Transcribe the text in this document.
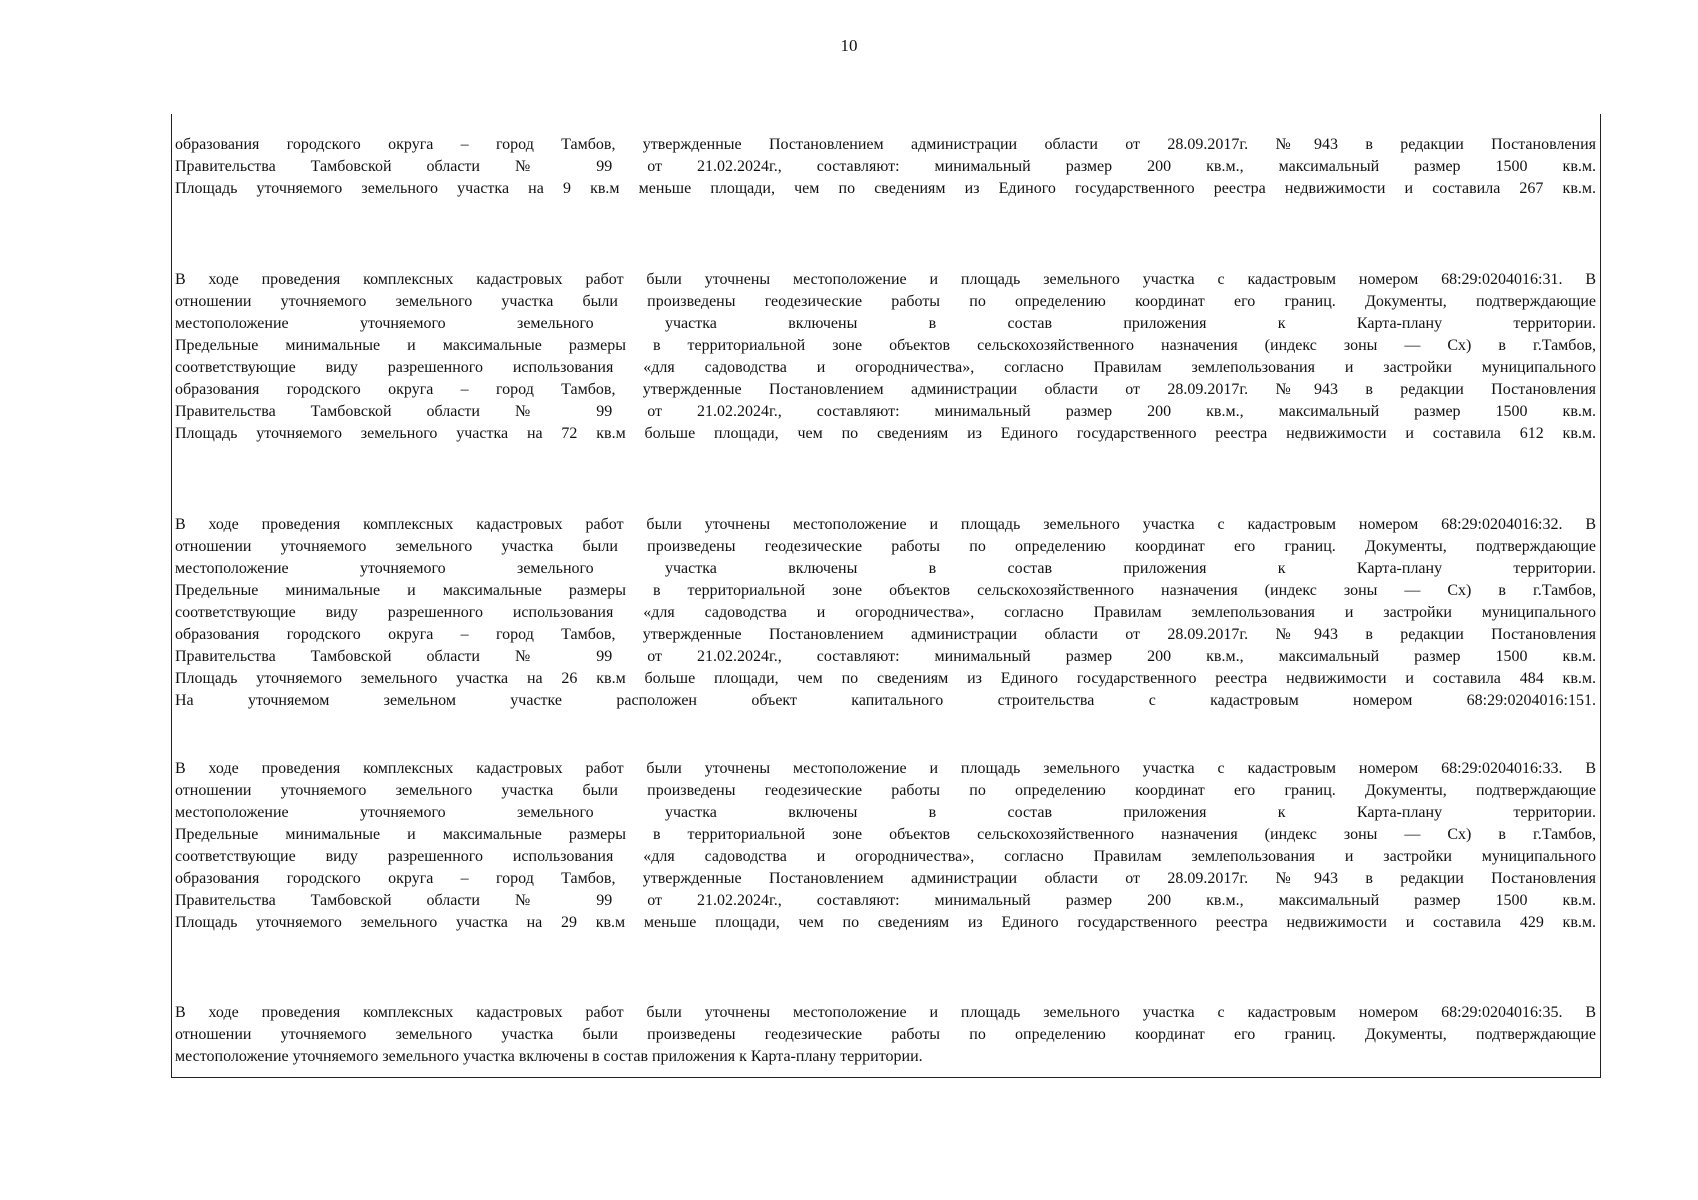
10
образования городского округа – город Тамбов, утвержденные Постановлением администрации области от 28.09.2017г. №943 в редакции Постановления
Правительства Тамбовской области № 99 от 21.02.2024г., составляют: минимальный размер 200 кв.м., максимальный размер 1500 кв.м.
Площадь уточняемого земельного участка на 9 кв.м меньше площади, чем по сведениям из Единого государственного реестра недвижимости и составила 267 кв.м.
В ходе проведения комплексных кадастровых работ были уточнены местоположение и площадь земельного участка с кадастровым номером 68:29:0204016:31. В
отношении уточняемого земельного участка были произведены геодезические работы по определению координат его границ. Документы, подтверждающие
местоположение уточняемого земельного участка включены в состав приложения к Карта-плану территории.
Предельные минимальные и максимальные размеры в территориальной зоне объектов сельскохозяйственного назначения (индекс зоны — Сх) в г.Тамбов,
соответствующие виду разрешенного использования «для садоводства и огородничества», согласно Правилам землепользования и застройки муниципального
образования городского округа – город Тамбов, утвержденные Постановлением администрации области от 28.09.2017г. №943 в редакции Постановления
Правительства Тамбовской области № 99 от 21.02.2024г., составляют: минимальный размер 200 кв.м., максимальный размер 1500 кв.м.
Площадь уточняемого земельного участка на 72 кв.м больше площади, чем по сведениям из Единого государственного реестра недвижимости и составила 612 кв.м.
В ходе проведения комплексных кадастровых работ были уточнены местоположение и площадь земельного участка с кадастровым номером 68:29:0204016:32. В
отношении уточняемого земельного участка были произведены геодезические работы по определению координат его границ. Документы, подтверждающие
местоположение уточняемого земельного участка включены в состав приложения к Карта-плану территории.
Предельные минимальные и максимальные размеры в территориальной зоне объектов сельскохозяйственного назначения (индекс зоны — Сх) в г.Тамбов,
соответствующие виду разрешенного использования «для садоводства и огородничества», согласно Правилам землепользования и застройки муниципального
образования городского округа – город Тамбов, утвержденные Постановлением администрации области от 28.09.2017г. №943 в редакции Постановления
Правительства Тамбовской области № 99 от 21.02.2024г., составляют: минимальный размер 200 кв.м., максимальный размер 1500 кв.м.
Площадь уточняемого земельного участка на 26 кв.м больше площади, чем по сведениям из Единого государственного реестра недвижимости и составила 484 кв.м.
На уточняемом земельном участке расположен объект капитального строительства с кадастровым номером 68:29:0204016:151.
В ходе проведения комплексных кадастровых работ были уточнены местоположение и площадь земельного участка с кадастровым номером 68:29:0204016:33. В
отношении уточняемого земельного участка были произведены геодезические работы по определению координат его границ. Документы, подтверждающие
местоположение уточняемого земельного участка включены в состав приложения к Карта-плану территории.
Предельные минимальные и максимальные размеры в территориальной зоне объектов сельскохозяйственного назначения (индекс зоны — Сх) в г.Тамбов,
соответствующие виду разрешенного использования «для садоводства и огородничества», согласно Правилам землепользования и застройки муниципального
образования городского округа – город Тамбов, утвержденные Постановлением администрации области от 28.09.2017г. №943 в редакции Постановления
Правительства Тамбовской области № 99 от 21.02.2024г., составляют: минимальный размер 200 кв.м., максимальный размер 1500 кв.м.
Площадь уточняемого земельного участка на 29 кв.м меньше площади, чем по сведениям из Единого государственного реестра недвижимости и составила 429 кв.м.
В ходе проведения комплексных кадастровых работ были уточнены местоположение и площадь земельного участка с кадастровым номером 68:29:0204016:35. В
отношении уточняемого земельного участка были произведены геодезические работы по определению координат его границ. Документы, подтверждающие
местоположение уточняемого земельного участка включены в состав приложения к Карта-плану территории.
